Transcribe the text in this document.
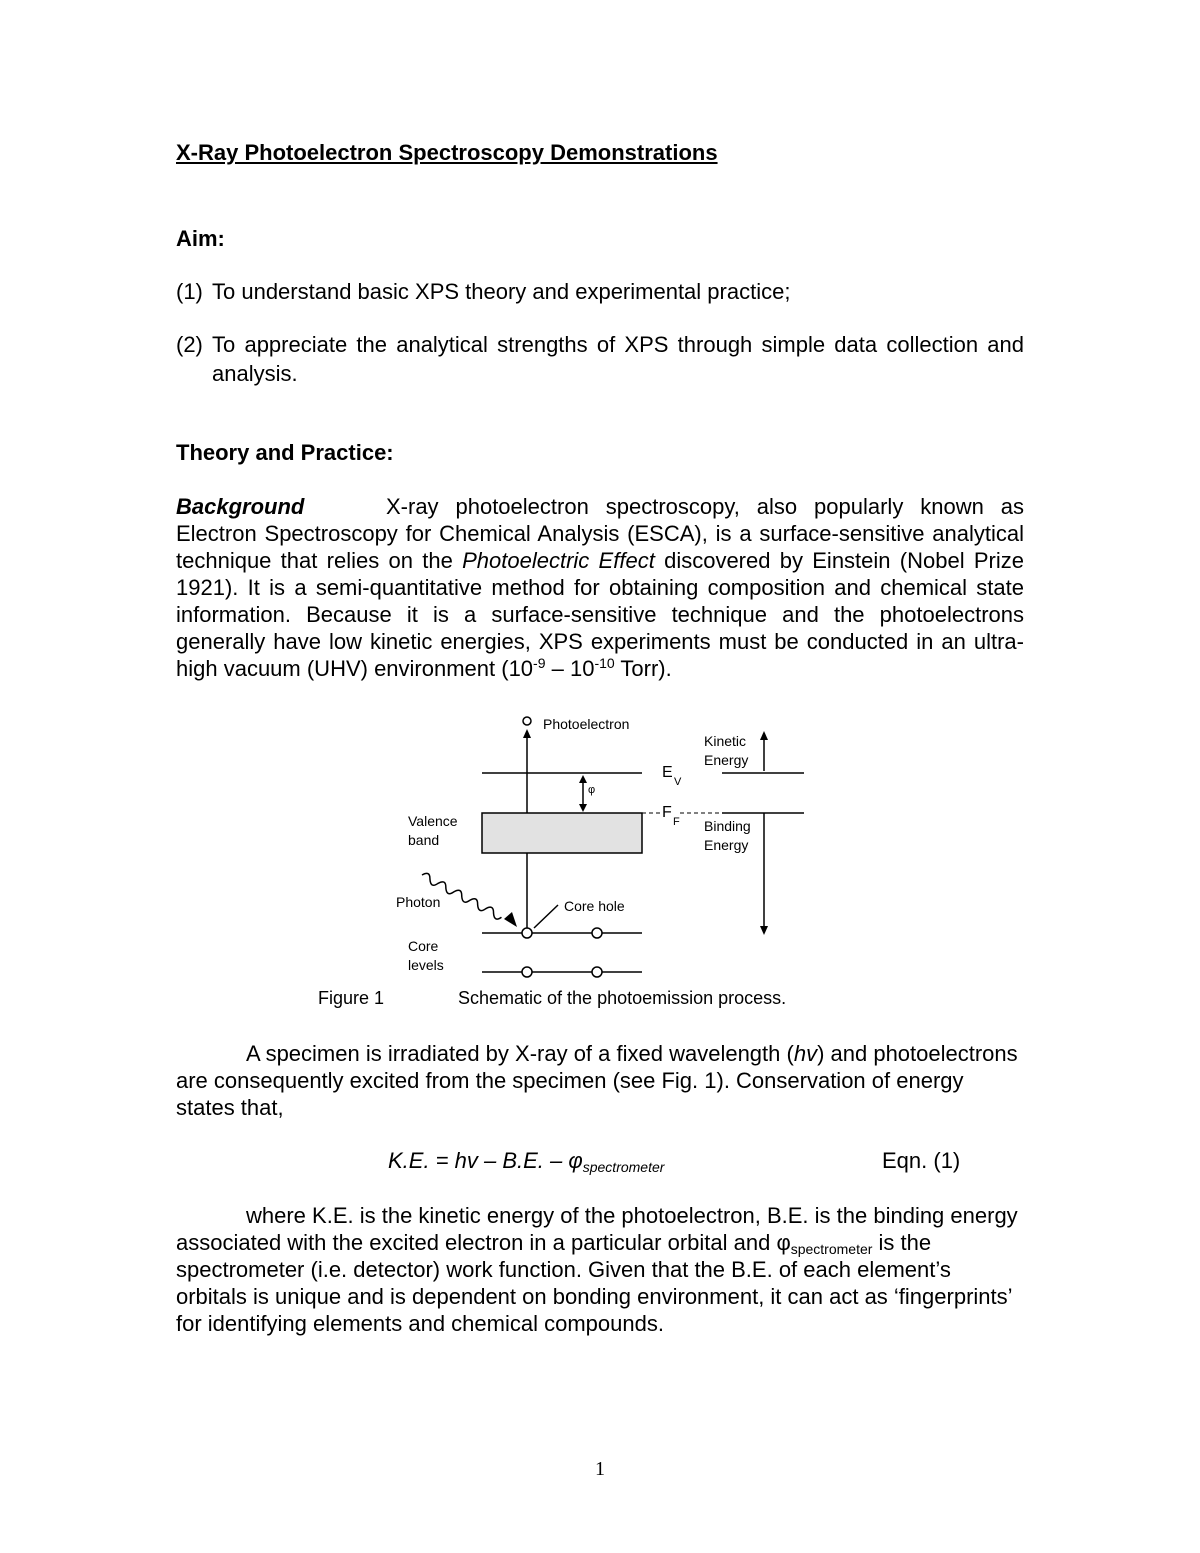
X-Ray Photoelectron Spectroscopy Demonstrations
Aim:
(1) To understand basic XPS theory and experimental practice;
(2) To appreciate the analytical strengths of XPS through simple data collection and analysis.
Theory and Practice:
Background	X-ray photoelectron spectroscopy, also popularly known as Electron Spectroscopy for Chemical Analysis (ESCA), is a surface-sensitive analytical technique that relies on the Photoelectric Effect discovered by Einstein (Nobel Prize 1921). It is a semi-quantitative method for obtaining composition and chemical state information. Because it is a surface-sensitive technique and the photoelectrons generally have low kinetic energies, XPS experiments must be conducted in an ultra-high vacuum (UHV) environment ($10^{-9} - 10^{-10}$ Torr).
Photoelectron
Kinetic
Energy
E
V
φ
F
F
Valence
band
Binding
Energy
Photon	Core hole
Core
levels
Figure 1	Schematic of the photoemission process.
A specimen is irradiated by X-ray of a fixed wavelength (hv) and photoelectrons are consequently excited from the specimen (see Fig. 1). Conservation of energy states that,
K.E. = hv – B.E. – $\varphi_{spectrometer}$	Eqn. (1)
where K.E. is the kinetic energy of the photoelectron, B.E. is the binding energy associated with the excited electron in a particular orbital and $\varphi_{spectrometer}$ is the spectrometer (i.e. detector) work function. Given that the B.E. of each element’s orbitals is unique and is dependent on bonding environment, it can act as ‘fingerprints’ for identifying elements and chemical compounds.
1
